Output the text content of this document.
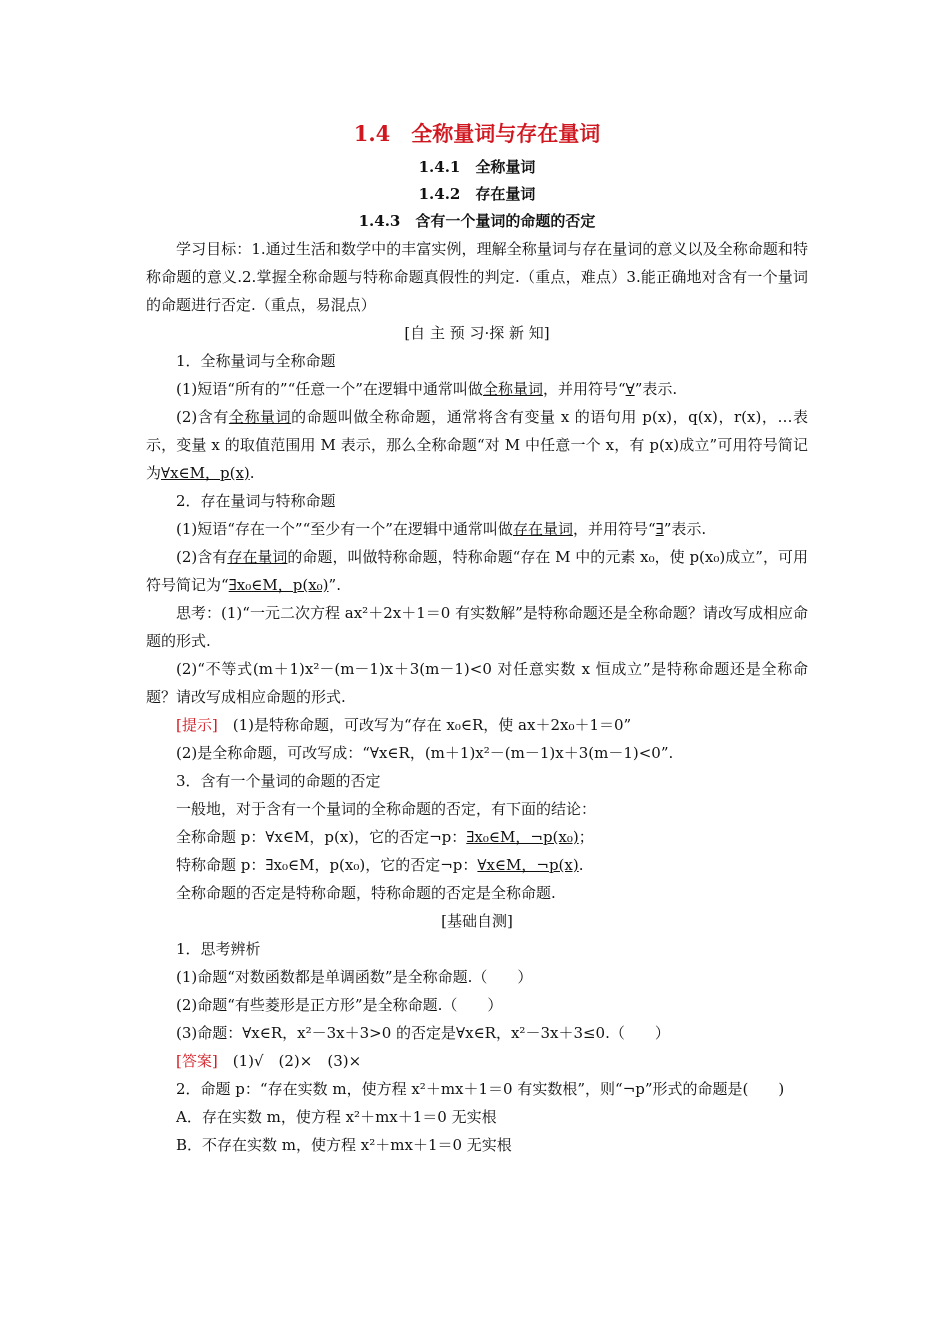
1.4　全称量词与存在量词
1.4.1　全称量词
1.4.2　存在量词
1.4.3　含有一个量词的命题的否定

学习目标：1.通过生活和数学中的丰富实例，理解全称量词与存在量词的意义以及全称命题和特称命题的意义.2.掌握全称命题与特称命题真假性的判定.（重点，难点）3.能正确地对含有一个量词的命题进行否定.（重点，易混点）

[自 主 预 习·探 新 知]

1．全称量词与全称命题

(1)短语“所有的”“任意一个”在逻辑中通常叫做全称量词，并用符号“∀”表示.

(2)含有全称量词的命题叫做全称命题，通常将含有变量 x 的语句用 p(x)，q(x)，r(x)，…表示，变量 x 的取值范围用 M 表示，那么全称命题“对 M 中任意一个 x，有 p(x)成立”可用符号简记为∀x∈M，p(x).

2．存在量词与特称命题

(1)短语“存在一个”“至少有一个”在逻辑中通常叫做存在量词，并用符号“∃”表示.

(2)含有存在量词的命题，叫做特称命题，特称命题“存在 M 中的元素 x₀，使 p(x₀)成立”，可用符号简记为“∃x₀∈M，p(x₀)”.

思考：(1)“一元二次方程 ax²＋2x＋1＝0 有实数解”是特称命题还是全称命题？请改写成相应命题的形式.

(2)“不等式(m＋1)x²－(m－1)x＋3(m－1)<0 对任意实数 x 恒成立”是特称命题还是全称命题？请改写成相应命题的形式.

[提示]　(1)是特称命题，可改写为“存在 x₀∈R，使 ax＋2x₀＋1＝0”

(2)是全称命题，可改写成：“∀x∈R，(m＋1)x²－(m－1)x＋3(m－1)<0”.

3．含有一个量词的命题的否定

一般地，对于含有一个量词的全称命题的否定，有下面的结论：

全称命题 p：∀x∈M，p(x)，它的否定¬p：∃x₀∈M，¬p(x₀)；

特称命题 p：∃x₀∈M，p(x₀)，它的否定¬p：∀x∈M，¬p(x).

全称命题的否定是特称命题，特称命题的否定是全称命题.

[基础自测]

1．思考辨析

(1)命题“对数函数都是单调函数”是全称命题.（　　）

(2)命题“有些菱形是正方形”是全称命题.（　　）

(3)命题：∀x∈R，x²－3x＋3>0 的否定是∀x∈R，x²－3x＋3≤0.（　　）

[答案]　(1)√　(2)×　(3)×

2．命题 p：“存在实数 m，使方程 x²＋mx＋1＝0 有实数根”，则“¬p”形式的命题是(　　)

A．存在实数 m，使方程 x²＋mx＋1＝0 无实根

B．不存在实数 m，使方程 x²＋mx＋1＝0 无实根
